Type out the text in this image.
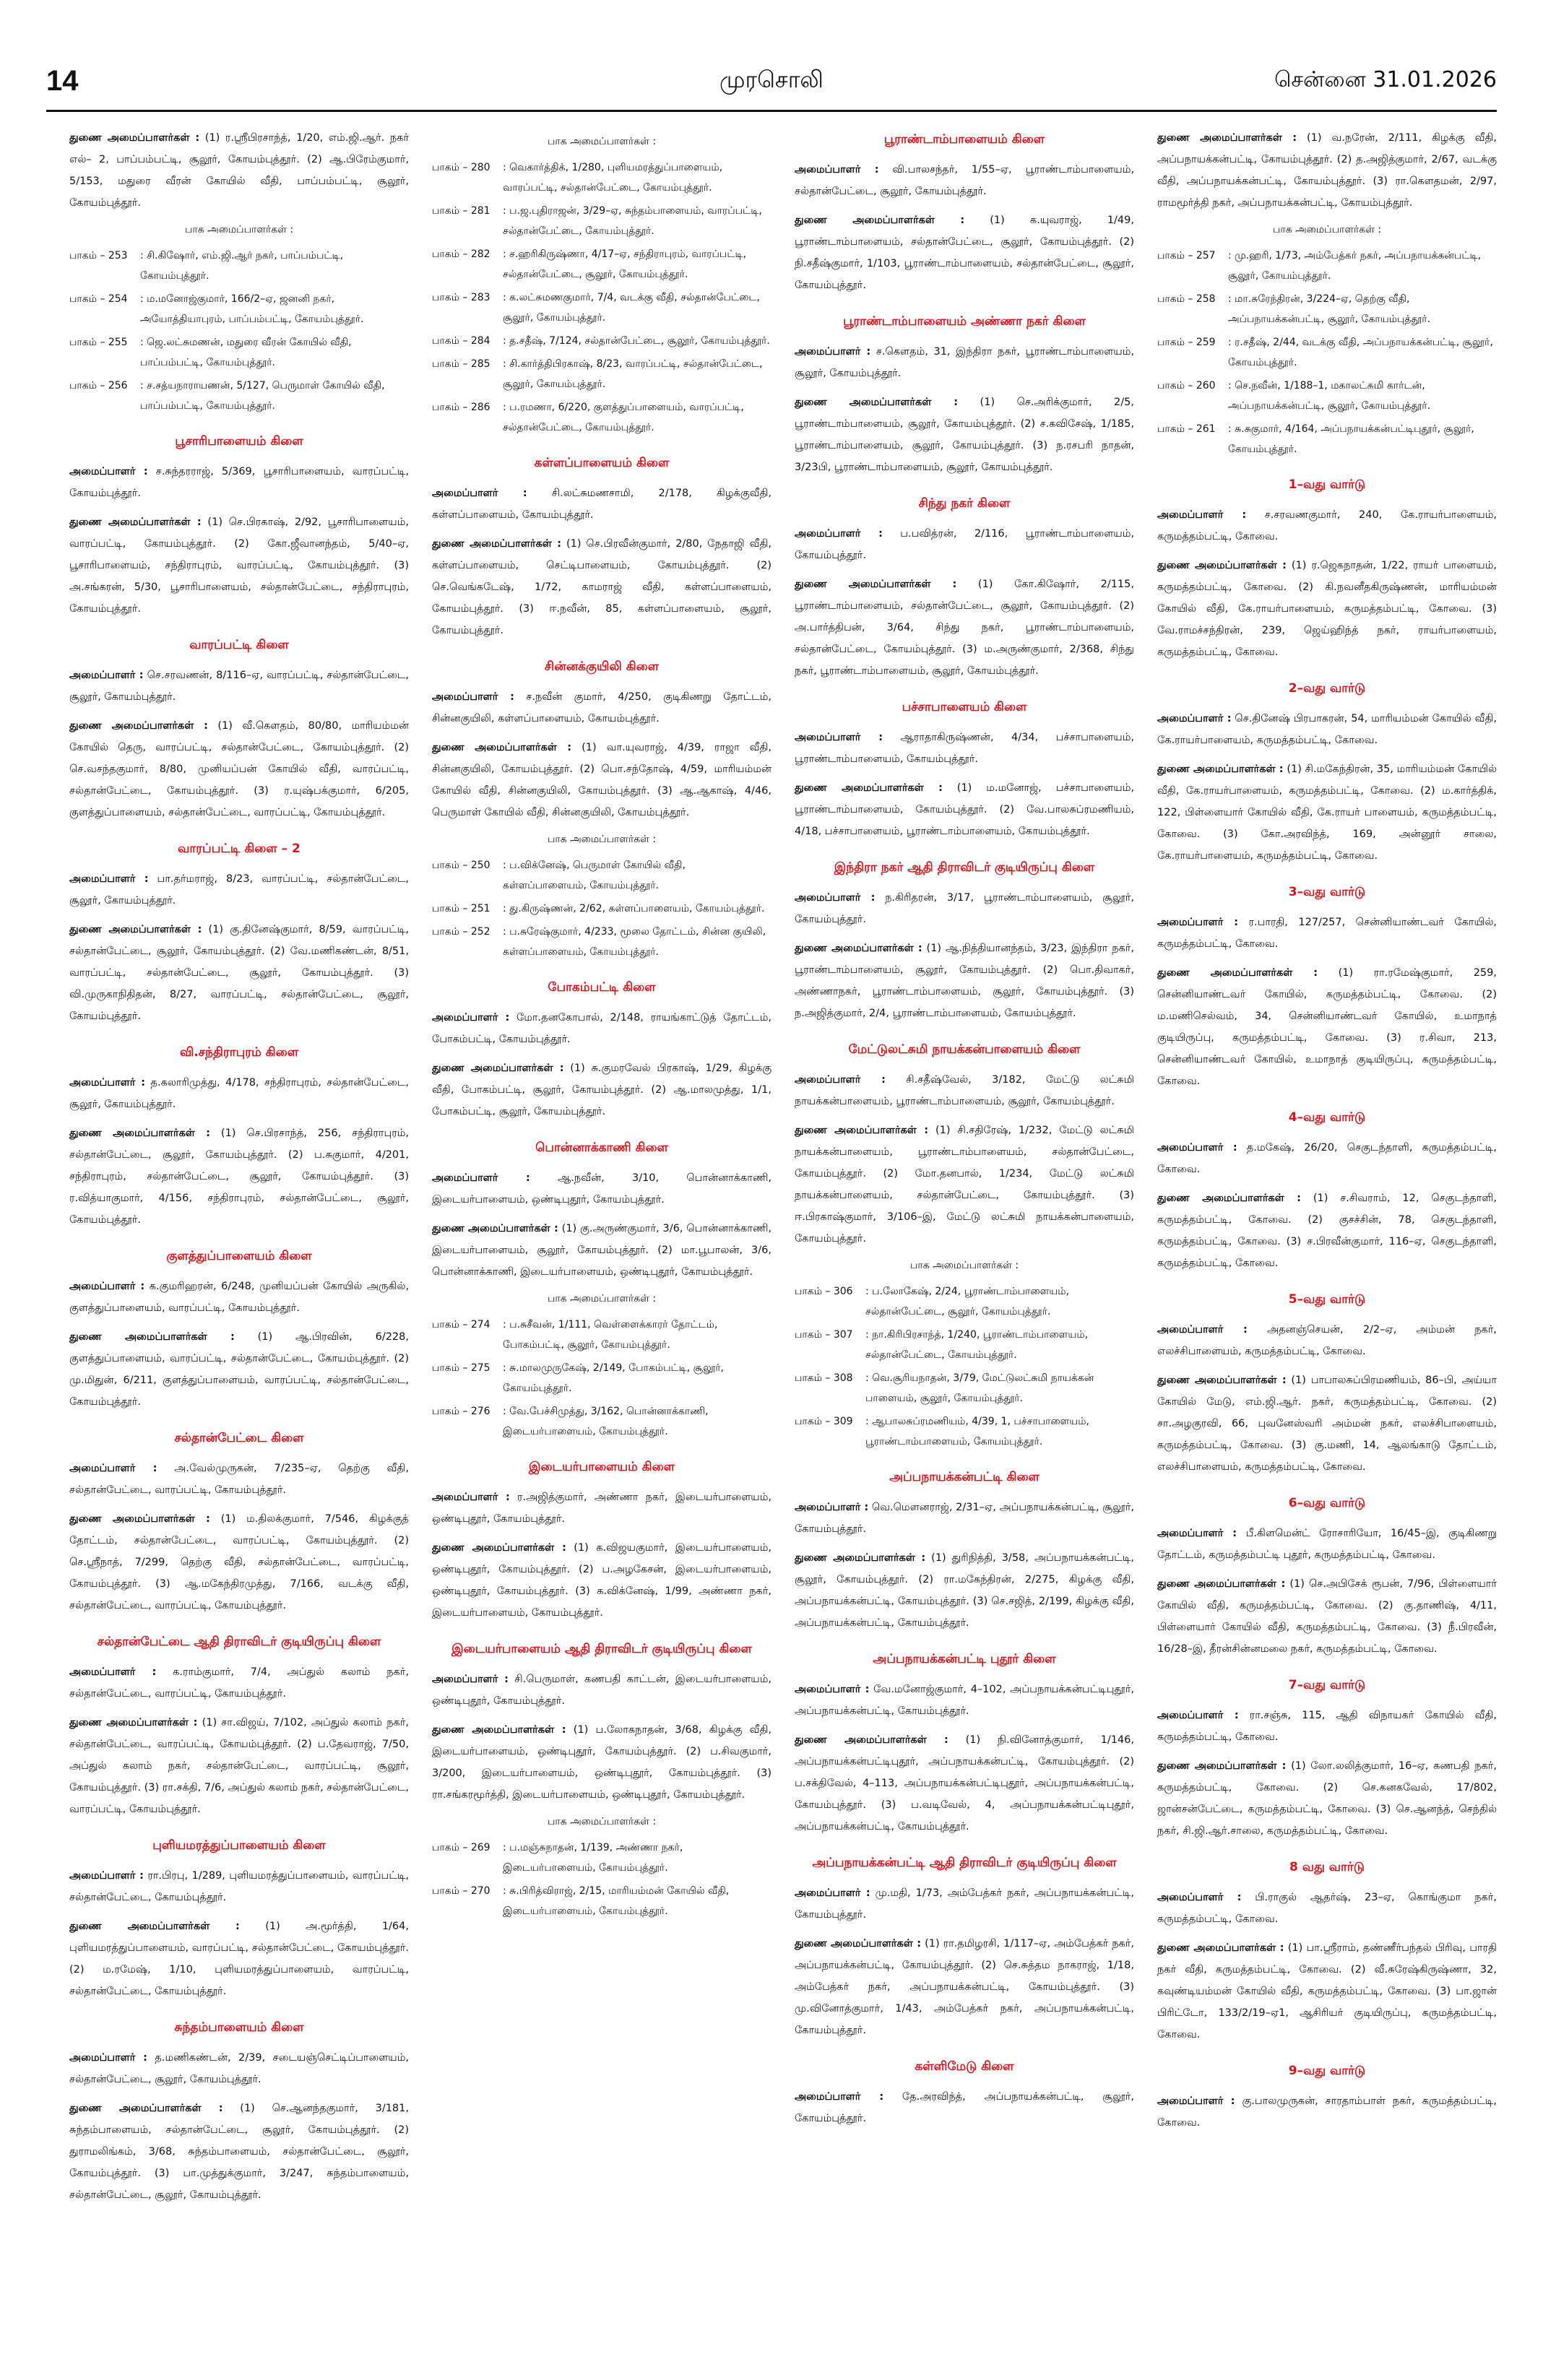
14	முரசொலி	சென்னை 31.01.2026
துணை அமைப்பாளர்கள் : (1) ர.ஸ்ரீபிரசாந்த், 1/20, எம்.ஜி.ஆர். நகர் எல்– 2, பாப்பம்பட்டி, சூலூர், கோயம்புத்தூர். (2) ஆ.பிரேம்குமார், 5/153, மதுரை வீரன் கோயில் வீதி, பாப்பம்பட்டி, சூலூர், கோயம்புத்தூர்.
பாக அமைப்பாளர்கள் :
பாகம் – 253	: சி.கிஷோர், எம்.ஜி.ஆர் நகர், பாப்பம்பட்டி, கோயம்புத்தூர்.
பாகம் – 254	: ம.மனோஜ்குமார், 166/2–ஏ, ஜனனி நகர், அயோத்தியாபுரம், பாப்பம்பட்டி, கோயம்புத்தூர்.
பாகம் – 255	: ஜெ.லட்சுமணன், மதுரை வீரன் கோயில் வீதி, பாப்பம்பட்டி, கோயம்புத்தூர்.
பாகம் – 256	: ச.சத்யநாராயணன், 5/127, பெருமாள் கோயில் வீதி, பாப்பம்பட்டி, கோயம்புத்தூர்.
பூசாரிபாளையம் கிளை
அமைப்பாளர் : ச.சுந்தரராஜ், 5/369, பூசாரிபாளையம், வாரப்பட்டி, கோயம்புத்தூர்.
துணை அமைப்பாளர்கள் : (1) செ.பிரகாஷ், 2/92, பூசாரிபாளையம், வாரப்பட்டி, கோயம்புத்தூர். (2) கோ.ஜீவானந்தம், 5/40–ஏ, பூசாரிபாளையம், சந்திராபுரம், வாரப்பட்டி, கோயம்புத்தூர். (3) அ.சங்கரன், 5/30, பூசாரிபாளையம், சல்தான்பேட்டை, சந்திராபுரம், கோயம்புத்தூர்.
வாரப்பட்டி கிளை
அமைப்பாளர் : செ.சரவணன், 8/116–ஏ, வாரப்பட்டி, சல்தான்பேட்டை, சூலூர், கோயம்புத்தூர்.
துணை அமைப்பாளர்கள் : (1) வீ.கௌதம், 80/80, மாரியம்மன் கோயில் தெரு, வாரப்பட்டி, சல்தான்பேட்டை, கோயம்புத்தூர். (2) செ.வசந்தகுமார், 8/80, முனியப்பன் கோயில் வீதி, வாரப்பட்டி, சல்தான்பேட்டை, கோயம்புத்தூர். (3) ர.யுஷ்பக்குமார், 6/205, குளத்துப்பாளையம், சல்தான்பேட்டை, வாரப்பட்டி, கோயம்புத்தூர்.
வாரப்பட்டி கிளை – 2
அமைப்பாளர் : பா.தர்மராஜ், 8/23, வாரப்பட்டி, சல்தான்பேட்டை, சூலூர், கோயம்புத்தூர்.
துணை அமைப்பாளர்கள் : (1) கு.தினேஷ்குமார், 8/59, வாரப்பட்டி, சல்தான்பேட்டை, சூலூர், கோயம்புத்தூர். (2) வே.மணிகண்டன், 8/51, வாரப்பட்டி, சல்தான்பேட்டை, சூலூர், கோயம்புத்தூர். (3) வி.முருகாநிதிதன், 8/27, வாரப்பட்டி, சல்தான்பேட்டை, சூலூர், கோயம்புத்தூர்.
வி.சந்திராபுரம் கிளை
அமைப்பாளர் : த.கலாரிமுத்து, 4/178, சந்திராபுரம், சல்தான்பேட்டை, சூலூர், கோயம்புத்தூர்.
துணை அமைப்பாளர்கள் : (1) செ.பிரசாந்த், 256, சந்திராபுரம், சல்தான்பேட்டை, சூலூர், கோயம்புத்தூர். (2) ப.சுகுமார், 4/201, சந்திராபுரம், சல்தான்பேட்டை, சூலூர், கோயம்புத்தூர். (3) ர.வித்யாகுமார், 4/156, சந்திராபுரம், சல்தான்பேட்டை, சூலூர், கோயம்புத்தூர்.
குளத்துப்பாளையம் கிளை
அமைப்பாளர் : க.குமரிஹரன், 6/248, முனியப்பன் கோயில் அருகில், குளத்துப்பாளையம், வாரப்பட்டி, கோயம்புத்தூர்.
துணை அமைப்பாளர்கள் : (1) ஆ.பிரவின், 6/228, குளத்துப்பாளையம், வாரப்பட்டி, சல்தான்பேட்டை, கோயம்புத்தூர். (2) மு.மிதுன், 6/211, குளத்துப்பாளையம், வாரப்பட்டி, சல்தான்பேட்டை, கோயம்புத்தூர்.
சல்தான்பேட்டை கிளை
அமைப்பாளர் : அ.வேல்முருகன், 7/235–ஏ, தெற்கு வீதி, சல்தான்பேட்டை, வாரப்பட்டி, கோயம்புத்தூர்.
துணை அமைப்பாளர்கள் : (1) ம.திலக்குமார், 7/546, கிழக்குத் தோட்டம், சல்தான்பேட்டை, வாரப்பட்டி, கோயம்புத்தூர். (2) செ.ஸ்ரீநாத், 7/299, தெற்கு வீதி, சல்தான்பேட்டை, வாரப்பட்டி, கோயம்புத்தூர். (3) ஆ.மகேந்திரமுத்து, 7/166, வடக்கு வீதி, சல்தான்பேட்டை, வாரப்பட்டி, கோயம்புத்தூர்.
சல்தான்பேட்டை ஆதி திராவிடர் குடியிருப்பு கிளை
அமைப்பாளர் : க.ராம்குமார், 7/4, அப்துல் கலாம் நகர், சல்தான்பேட்டை, வாரப்பட்டி, கோயம்புத்தூர்.
துணை அமைப்பாளர்கள் : (1) சா.விஜய், 7/102, அப்துல் கலாம் நகர், சல்தான்பேட்டை, வாரப்பட்டி, கோயம்புத்தூர். (2) ப.தேவராஜ், 7/50, அப்துல் கலாம் நகர், சல்தான்பேட்டை, வாரப்பட்டி, சூலூர், கோயம்புத்தூர். (3) ரா.சக்தி, 7/6, அப்துல் கலாம் நகர், சல்தான்பேட்டை, வாரப்பட்டி, கோயம்புத்தூர்.
புளியமரத்துப்பாளையம் கிளை
அமைப்பாளர் : ரா.பிரபு, 1/289, புளியமரத்துப்பாளையம், வாரப்பட்டி, சல்தான்பேட்டை, கோயம்புத்தூர்.
துணை அமைப்பாளர்கள் : (1) அ.மூர்த்தி, 1/64, புளியமரத்துப்பாளையம், வாரப்பட்டி, சல்தான்பேட்டை, கோயம்புத்தூர். (2) ம.ரமேஷ், 1/10, புளியமரத்துப்பாளையம், வாரப்பட்டி, சல்தான்பேட்டை, கோயம்புத்தூர்.
சுந்தம்பாளையம் கிளை
அமைப்பாளர் : த.மணிகண்டன், 2/39, சடையஞ்செட்டிப்பாளையம், சல்தான்பேட்டை, சூலூர், கோயம்புத்தூர்.
துணை அமைப்பாளர்கள் : (1) செ.ஆனந்தகுமார், 3/181, சுந்தம்பாளையம், சல்தான்பேட்டை, சூலூர், கோயம்புத்தூர். (2) துராமலிங்கம், 3/68, சுந்தம்பாளையம், சல்தான்பேட்டை, சூலூர், கோயம்புத்தூர். (3) பா.முத்துக்குமார், 3/247, சுந்தம்பாளையம், சல்தான்பேட்டை, சூலூர், கோயம்புத்தூர்.
பாக அமைப்பாளர்கள் :
பாகம் – 280	: வெகார்த்திக், 1/280, புளியமரத்துப்பாளையம், வாரப்பட்டி, சல்தான்பேட்டை, கோயம்புத்தூர்.
பாகம் – 281	: ப.ஜ.புதிராஜன், 3/29–ஏ, சுந்தம்பாளையம், வாரப்பட்டி, சல்தான்பேட்டை, கோயம்புத்தூர்.
பாகம் – 282	: ச.ஹரிகிருஷ்ணா, 4/17–ஏ, சந்திராபுரம், வாரப்பட்டி, சல்தான்பேட்டை, சூலூர், கோயம்புத்தூர்.
பாகம் – 283	: க.லட்சுமணகுமார், 7/4, வடக்கு வீதி, சல்தான்பேட்டை, சூலூர், கோயம்புத்தூர்.
பாகம் – 284	: த.சதீஷ், 7/124, சல்தான்பேட்டை, சூலூர், கோயம்புத்தூர்.
பாகம் – 285	: சி.கார்த்திபிரகாஷ், 8/23, வாரப்பட்டி, சல்தான்பேட்டை, சூலூர், கோயம்புத்தூர்.
பாகம் – 286	: ப.ரமணா, 6/220, குளத்துப்பாளையம், வாரப்பட்டி, சல்தான்பேட்டை, கோயம்புத்தூர்.
கள்ளப்பாளையம் கிளை
அமைப்பாளர் : சி.லட்சுமணசாமி, 2/178, கிழக்குவீதி, கள்ளப்பாளையம், கோயம்புத்தூர்.
துணை அமைப்பாளர்கள் : (1) செ.பிரவீன்குமார், 2/80, நேதாஜி வீதி, கள்ளப்பாளையம், செட்டிபாளையம், கோயம்புத்தூர். (2) செ.வெங்கடேஷ், 1/72, காமராஜ் வீதி, கள்ளப்பாளையம், கோயம்புத்தூர். (3) ஈ.நவீன், 85, கள்ளப்பாளையம், சூலூர், கோயம்புத்தூர்.
சின்னக்குயிலி கிளை
அமைப்பாளர் : ச.நவீன் குமார், 4/250, குடிகிணறு தோட்டம், சின்னகுயிலி, கள்ளப்பாளையம், கோயம்புத்தூர்.
துணை அமைப்பாளர்கள் : (1) வா.யுவராஜ், 4/39, ராஜா வீதி, சின்னகுயிலி, கோயம்புத்தூர். (2) பொ.சந்தோஷ், 4/59, மாரியம்மன் கோயில் வீதி, சின்னகுயிலி, கோயம்புத்தூர். (3) ஆ.ஆகாஷ், 4/46, பெருமாள் கோயில் வீதி, சின்னகுயிலி, கோயம்புத்தூர்.
பாக அமைப்பாளர்கள் :
பாகம் – 250	: ப.விக்னேஷ், பெருமாள் கோயில் வீதி, கள்ளப்பாளையம், கோயம்புத்தூர்.
பாகம் – 251	: து.கிருஷ்ணன், 2/62, கள்ளப்பாளையம், கோயம்புத்தூர்.
பாகம் – 252	: ப.சுரேஷ்குமார், 4/233, மூலை தோட்டம், சின்ன குயிலி, கள்ளப்பாளையம், கோயம்புத்தூர்.
போகம்பட்டி கிளை
அமைப்பாளர் : மோ.தனகோபால், 2/148, ராயங்காட்டுத் தோட்டம், போகம்பட்டி, கோயம்புத்தூர்.
துணை அமைப்பாளர்கள் : (1) சு.குமரவேல் பிரகாஷ், 1/29, கிழக்கு வீதி, போகம்பட்டி, சூலூர், கோயம்புத்தூர். (2) ஆ.மாலமுத்து, 1/1, போகம்பட்டி, சூலூர், கோயம்புத்தூர்.
பொன்னாக்காணி கிளை
அமைப்பாளர் : ஆ.நவீன், 3/10, பொன்னாக்காணி, இடையர்பாளையம், ஒண்டிபுதூர், கோயம்புத்தூர்.
துணை அமைப்பாளர்கள் : (1) கு.அருண்குமார், 3/6, பொன்னாக்காணி, இடையர்பாளையம், சூலூர், கோயம்புத்தூர். (2) மா.பூபாலன், 3/6, பொன்னாக்காணி, இடையர்பாளையம், ஒண்டிபுதூர், கோயம்புத்தூர்.
பாக அமைப்பாளர்கள் :
பாகம் – 274	: ப.சுசீவன், 1/111, வெள்ளைக்காரர் தோட்டம், போகம்பட்டி, சூலூர், கோயம்புத்தூர்.
பாகம் – 275	: சு.மாலமுருகேஷ், 2/149, போகம்பட்டி, சூலூர், கோயம்புத்தூர்.
பாகம் – 276	: வே.பேச்சிமுத்து, 3/162, பொன்னாக்காணி, இடையர்பாளையம், கோயம்புத்தூர்.
இடையர்பாளையம் கிளை
அமைப்பாளர் : ர.அஜித்குமார், அண்ணா நகர், இடையர்பாளையம், ஒண்டிபுதூர், கோயம்புத்தூர்.
துணை அமைப்பாளர்கள் : (1) க.விஜயகுமார், இடையர்பாளையம், ஒண்டிபுதூர், கோயம்புத்தூர். (2) ப.அழகேசன், இடையர்பாளையம், ஒண்டிபுதூர், கோயம்புத்தூர். (3) க.விக்னேஷ், 1/99, அண்ணா நகர், இடையர்பாளையம், கோயம்புத்தூர்.
இடையர்பாளையம் ஆதி திராவிடர் குடியிருப்பு கிளை
அமைப்பாளர் : சி.பெருமாள், கணபதி காட்டன், இடையர்பாளையம், ஒண்டிபுதூர், கோயம்புத்தூர்.
துணை அமைப்பாளர்கள் : (1) ப.லோகநாதன், 3/68, கிழக்கு வீதி, இடையர்பாளையம், ஒண்டிபுதூர், கோயம்புத்தூர். (2) ப.சிவகுமார், 3/200, இடையர்பாளையம், ஒண்டிபுதூர், கோயம்புத்தூர். (3) ரா.சங்கரமூர்த்தி, இடையர்பாளையம், ஒண்டிபுதூர், கோயம்புத்தூர்.
பாக அமைப்பாளர்கள் :
பாகம் – 269	: ப.மஞ்சுநாதன், 1/139, அண்ணா நகர், இடையர்பாளையம், கோயம்புத்தூர்.
பாகம் – 270	: சு.பிரித்விராஜ், 2/15, மாரியம்மன் கோயில் வீதி, இடையர்பாளையம், கோயம்புத்தூர்.
பூராண்டாம்பாளையம் கிளை
அமைப்பாளர் : வி.பாலசந்தர், 1/55–ஏ, பூராண்டாம்பாளையம், சல்தான்பேட்டை, சூலூர், கோயம்புத்தூர்.
துணை அமைப்பாளர்கள் : (1) க.யுவராஜ், 1/49, பூராண்டாம்பாளையம், சல்தான்பேட்டை, சூலூர், கோயம்புத்தூர். (2) நி.சதீஷ்குமார், 1/103, பூராண்டாம்பாளையம், சல்தான்பேட்டை, சூலூர், கோயம்புத்தூர்.
பூராண்டாம்பாளையம் அண்ணா நகர் கிளை
அமைப்பாளர் : ச.கௌதம், 31, இந்திரா நகர், பூராண்டாம்பாளையம், சூலூர், கோயம்புத்தூர்.
துணை அமைப்பாளர்கள் : (1) செ.அரிக்குமார், 2/5, பூராண்டாம்பாளையம், சூலூர், கோயம்புத்தூர். (2) ச.கவிசேஷ், 1/185, பூராண்டாம்பாளையம், சூலூர், கோயம்புத்தூர். (3) ந.ரசபரி நாதன், 3/23பி, பூராண்டாம்பாளையம், சூலூர், கோயம்புத்தூர்.
சிந்து நகர் கிளை
அமைப்பாளர் : ப.பவித்ரன், 2/116, பூராண்டாம்பாளையம், கோயம்புத்தூர்.
துணை அமைப்பாளர்கள் : (1) கோ.கிஷோர், 2/115, பூராண்டாம்பாளையம், சல்தான்பேட்டை, சூலூர், கோயம்புத்தூர். (2) அ.பார்த்திபன், 3/64, சிந்து நகர், பூராண்டாம்பாளையம், சல்தான்பேட்டை, கோயம்புத்தூர். (3) ம.அருண்குமார், 2/368, சிந்து நகர், பூராண்டாம்பாளையம், சூலூர், கோயம்புத்தூர்.
பச்சாபாளையம் கிளை
அமைப்பாளர் : ஆராதாகிருஷ்ணன், 4/34, பச்சாபாளையம், பூராண்டாம்பாளையம், கோயம்புத்தூர்.
துணை அமைப்பாளர்கள் : (1) ம.மனோஜ், பச்சாபாளையம், பூராண்டாம்பாளையம், கோயம்புத்தூர். (2) வே.பாலசுப்ரமணியம், 4/18, பச்சாபாளையம், பூராண்டாம்பாளையம், கோயம்புத்தூர்.
இந்திரா நகர் ஆதி திராவிடர் குடியிருப்பு கிளை
அமைப்பாளர் : ந.கிரிதரன், 3/17, பூராண்டாம்பாளையம், சூலூர், கோயம்புத்தூர்.
துணை அமைப்பாளர்கள் : (1) ஆ.நித்தியானந்தம், 3/23, இந்திரா நகர், பூராண்டாம்பாளையம், சூலூர், கோயம்புத்தூர். (2) பொ.திவாகர், அண்ணாநகர், பூராண்டாம்பாளையம், சூலூர், கோயம்புத்தூர். (3) ந.அஜித்குமார், 2/4, பூராண்டாம்பாளையம், கோயம்புத்தூர்.
மேட்டுலட்சுமி நாயக்கன்பாளையம் கிளை
அமைப்பாளர் : சி.சதீஷ்வேல், 3/182, மேட்டு லட்சுமி நாயக்கன்பாளையம், பூராண்டாம்பாளையம், சூலூர், கோயம்புத்தூர்.
துணை அமைப்பாளர்கள் : (1) சி.சதிரேஷ், 1/232, மேட்டு லட்சுமி நாயக்கன்பாளையம், பூராண்டாம்பாளையம், சல்தான்பேட்டை, கோயம்புத்தூர். (2) மோ.தனபால், 1/234, மேட்டு லட்சுமி நாயக்கன்பாளையம், சல்தான்பேட்டை, கோயம்புத்தூர். (3) ஈ.பிரகாஷ்குமார், 3/106–இ, மேட்டு லட்சுமி நாயக்கன்பாளையம், கோயம்புத்தூர்.
பாக அமைப்பாளர்கள் :
பாகம் – 306	: ப.லோகேஷ், 2/24, பூராண்டாம்பாளையம், சல்தான்பேட்டை, சூலூர், கோயம்புத்தூர்.
பாகம் – 307	: நா.கிரிபிரசாந்த், 1/240, பூராண்டாம்பாளையம், சல்தான்பேட்டை, கோயம்புத்தூர்.
பாகம் – 308	: வெ.சூரியநாதன், 3/79, மேட்டுலட்சுமி நாயக்கன் பாளையம், சூலூர், கோயம்புத்தூர்.
பாகம் – 309	: ஆபாலசுப்ரமணியம், 4/39, 1, பச்சாபாளையம், பூராண்டாம்பாளையம், கோயம்புத்தூர்.
அப்பநாயக்கன்பட்டி கிளை
அமைப்பாளர் : வெ.மௌனராஜ், 2/31–ஏ, அப்பநாயக்கன்பட்டி, சூலூர், கோயம்புத்தூர்.
துணை அமைப்பாளர்கள் : (1) துரிநித்தி, 3/58, அப்பநாயக்கன்பட்டி, சூலூர், கோயம்புத்தூர். (2) ரா.மகேந்திரன், 2/275, கிழக்கு வீதி, அப்பநாயக்கன்பட்டி, கோயம்புத்தூர். (3) செ.சஜித், 2/199, கிழக்கு வீதி, அப்பநாயக்கன்பட்டி, கோயம்புத்தூர்.
அப்பநாயக்கன்பட்டி புதூர் கிளை
அமைப்பாளர் : வே.மனோஜ்குமார், 4–102, அப்பநாயக்கன்பட்டிபுதூர், அப்பநாயக்கன்பட்டி, கோயம்புத்தூர்.
துணை அமைப்பாளர்கள் : (1) நி.வினோத்குமார், 1/146, அப்பநாயக்கன்பட்டிபுதூர், அப்பநாயக்கன்பட்டி, கோயம்புத்தூர். (2) ப.சக்திவேல், 4–113, அப்பநாயக்கன்பட்டிபுதூர், அப்பநாயக்கன்பட்டி, கோயம்புத்தூர். (3) ப.வடிவேல், 4, அப்பநாயக்கன்பட்டிபுதூர், அப்பநாயக்கன்பட்டி, கோயம்புத்தூர்.
அப்பநாயக்கன்பட்டி ஆதி திராவிடர் குடியிருப்பு கிளை
அமைப்பாளர் : மு.மதி, 1/73, அம்பேத்கர் நகர், அப்பநாயக்கன்பட்டி, கோயம்புத்தூர்.
துணை அமைப்பாளர்கள் : (1) ரா.தமிழரசி, 1/117–ஏ, அம்பேத்கர் நகர், அப்பநாயக்கன்பட்டி, கோயம்புத்தூர். (2) செ.சுத்தம நாகராஜ், 1/18, அம்பேத்கர் நகர், அப்பநாயக்கன்பட்டி, கோயம்புத்தூர். (3) மு.வினோத்குமார், 1/43, அம்பேத்கர் நகர், அப்பநாயக்கன்பட்டி, கோயம்புத்தூர்.
கள்ளிமேடு கிளை
அமைப்பாளர் : தே.அரவிந்த், அப்பநாயக்கன்பட்டி, சூலூர், கோயம்புத்தூர்.
துணை அமைப்பாளர்கள் : (1) வ.நரேன், 2/111, கிழக்கு வீதி, அப்பநாயக்கன்பட்டி, கோயம்புத்தூர். (2) த.அஜித்குமார், 2/67, வடக்கு வீதி, அப்பநாயக்கன்பட்டி, கோயம்புத்தூர். (3) ரா.கௌதமன், 2/97, ராமமூர்த்தி நகர், அப்பநாயக்கன்பட்டி, கோயம்புத்தூர்.
பாக அமைப்பாளர்கள் :
பாகம் – 257	: மு.ஹரி, 1/73, அம்பேத்கர் நகர், அப்பநாயக்கன்பட்டி, சூலூர், கோயம்புத்தூர்.
பாகம் – 258	: மா.சுரேந்திரன், 3/224–ஏ, தெற்கு வீதி, அப்பநாயக்கன்பட்டி, சூலூர், கோயம்புத்தூர்.
பாகம் – 259	: ர.சதீஷ், 2/44, வடக்கு வீதி, அப்பநாயக்கன்பட்டி, சூலூர், கோயம்புத்தூர்.
பாகம் – 260	: செ.நவீன், 1/188–1, மகாலட்சுமி கார்டன், அப்பநாயக்கன்பட்டி, சூலூர், கோயம்புத்தூர்.
பாகம் – 261	: சு.சுகுமார், 4/164, அப்பநாயக்கன்பட்டிபுதூர், சூலூர், கோயம்புத்தூர்.
1–வது வார்டு
அமைப்பாளர் : ச.சரவணகுமார், 240, கே.ராயர்பாளையம், கருமத்தம்பட்டி, கோவை.
துணை அமைப்பாளர்கள் : (1) ர.ஜெகநாதன், 1/22, ராயர் பாளையம், கருமத்தம்பட்டி, கோவை. (2) கி.நவனீதகிருஷ்ணன், மாரியம்மன் கோயில் வீதி, கே.ராயர்பாளையம், கருமத்தம்பட்டி, கோவை. (3) வே.ராமச்சந்திரன், 239, ஜெய்ஹிந்த் நகர், ராயர்பாளையம், கருமத்தம்பட்டி, கோவை.
2–வது வார்டு
அமைப்பாளர் : செ.தினேஷ் பிரபாகரன், 54, மாரியம்மன் கோயில் வீதி, கே.ராயர்பாளையம், கருமத்தம்பட்டி, கோவை.
துணை அமைப்பாளர்கள் : (1) சி.மகேந்திரன், 35, மாரியம்மன் கோயில் வீதி, கே.ராயர்பாளையம், கருமத்தம்பட்டி, கோவை. (2) ம.கார்த்திக், 122, பிள்ளையார் கோயில் வீதி, கே.ராயர் பாளையம், கருமத்தம்பட்டி, கோவை. (3) கோ.அரவிந்த், 169, அன்னூர் சாலை, கே.ராயர்பாளையம், கருமத்தம்பட்டி, கோவை.
3–வது வார்டு
அமைப்பாளர் : ர.பாரதி, 127/257, சென்னியாண்டவர் கோயில், கருமத்தம்பட்டி, கோவை.
துணை அமைப்பாளர்கள் : (1) ரா.ரமேஷ்குமார், 259, சென்னியாண்டவர் கோயில், கருமத்தம்பட்டி, கோவை. (2) ம.மணிசெல்வம், 34, சென்னியாண்டவர் கோயில், உமாநாத் குடியிருப்பு, கருமத்தம்பட்டி, கோவை. (3) ர.சிவா, 213, சென்னியாண்டவர் கோயில், உமாநாத் குடியிருப்பு, கருமத்தம்பட்டி, கோவை.
4–வது வார்டு
அமைப்பாளர் : த.மகேஷ், 26/20, செகுடந்தாளி, கருமத்தம்பட்டி, கோவை.
துணை அமைப்பாளர்கள் : (1) ச.சிவராம், 12, செகுடந்தாளி, கருமத்தம்பட்டி, கோவை. (2) குசச்சின், 78, செகுடந்தாளி, கருமத்தம்பட்டி, கோவை. (3) ச.பிரவீன்குமார், 116–ஏ, செகுடந்தாளி, கருமத்தம்பட்டி, கோவை.
5–வது வார்டு
அமைப்பாளர் : அதனஞ்செயன், 2/2–ஏ, அம்மன் நகர், எலச்சிபாளையம், கருமத்தம்பட்டி, கோவை.
துணை அமைப்பாளர்கள் : (1) பாபாலசுப்பிரமணியம், 86–பி, அய்யா கோயில் மேடு, எம்.ஜி.ஆர். நகர், கருமத்தம்பட்டி, கோவை. (2) சா.அழகுரவி, 66, புவனேஸ்வரி அம்மன் நகர், எலச்சிபாளையம், கருமத்தம்பட்டி, கோவை. (3) கு.மணி, 14, ஆலங்காடு தோட்டம், எலச்சிபாளையம், கருமத்தம்பட்டி, கோவை.
6–வது வார்டு
அமைப்பாளர் : பீ.கிளமென்ட் ரோசாரியோ, 16/45–இ, குடிகிணறு தோட்டம், கருமத்தம்பட்டி புதூர், கருமத்தம்பட்டி, கோவை.
துணை அமைப்பாளர்கள் : (1) செ.அபிசேக் ரூபன், 7/96, பிள்ளையார் கோயில் வீதி, கருமத்தம்பட்டி, கோவை. (2) கு.தாணிஷ், 4/11, பிள்ளையார் கோயில் வீதி, கருமத்தம்பட்டி, கோவை. (3) நீ.பிரவீன், 16/28–இ, தீரன்சின்னமலை நகர், கருமத்தம்பட்டி, கோவை.
7–வது வார்டு
அமைப்பாளர் : ரா.சஞ்சு, 115, ஆதி விநாயகர் கோயில் வீதி, கருமத்தம்பட்டி, கோவை.
துணை அமைப்பாளர்கள் : (1) லோ.லலித்குமார், 16–ஏ, கணபதி நகர், கருமத்தம்பட்டி, கோவை. (2) செ.கனகவேல், 17/802, ஜான்சன்பேட்டை, கருமத்தம்பட்டி, கோவை. (3) செ.ஆனந்த், செந்தில் நகர், சி.ஜி.ஆர்.சாலை, கருமத்தம்பட்டி, கோவை.
8 வது வார்டு
அமைப்பாளர் : பி.ராகுல் ஆதர்ஷ், 23–ஏ, கொங்குமா நகர், கருமத்தம்பட்டி, கோவை.
துணை அமைப்பாளர்கள் : (1) பா.ஸ்ரீராம், தண்ணீர்பந்தல் பிரிவு, பாரதி நகர் வீதி, கருமத்தம்பட்டி, கோவை. (2) வீ.சுரேஷ்கிருஷ்ணா, 32, கவுண்டியம்மன் கோயில் வீதி, கருமத்தம்பட்டி, கோவை. (3) பா.ஜான் பிரிட்டோ, 133/2/19–ஏ1, ஆசிரியர் குடியிருப்பு, கருமத்தம்பட்டி, கோவை.
9–வது வார்டு
அமைப்பாளர் : கு.பாலமுருகன், சாரதாம்பாள் நகர், கருமத்தம்பட்டி, கோவை.
